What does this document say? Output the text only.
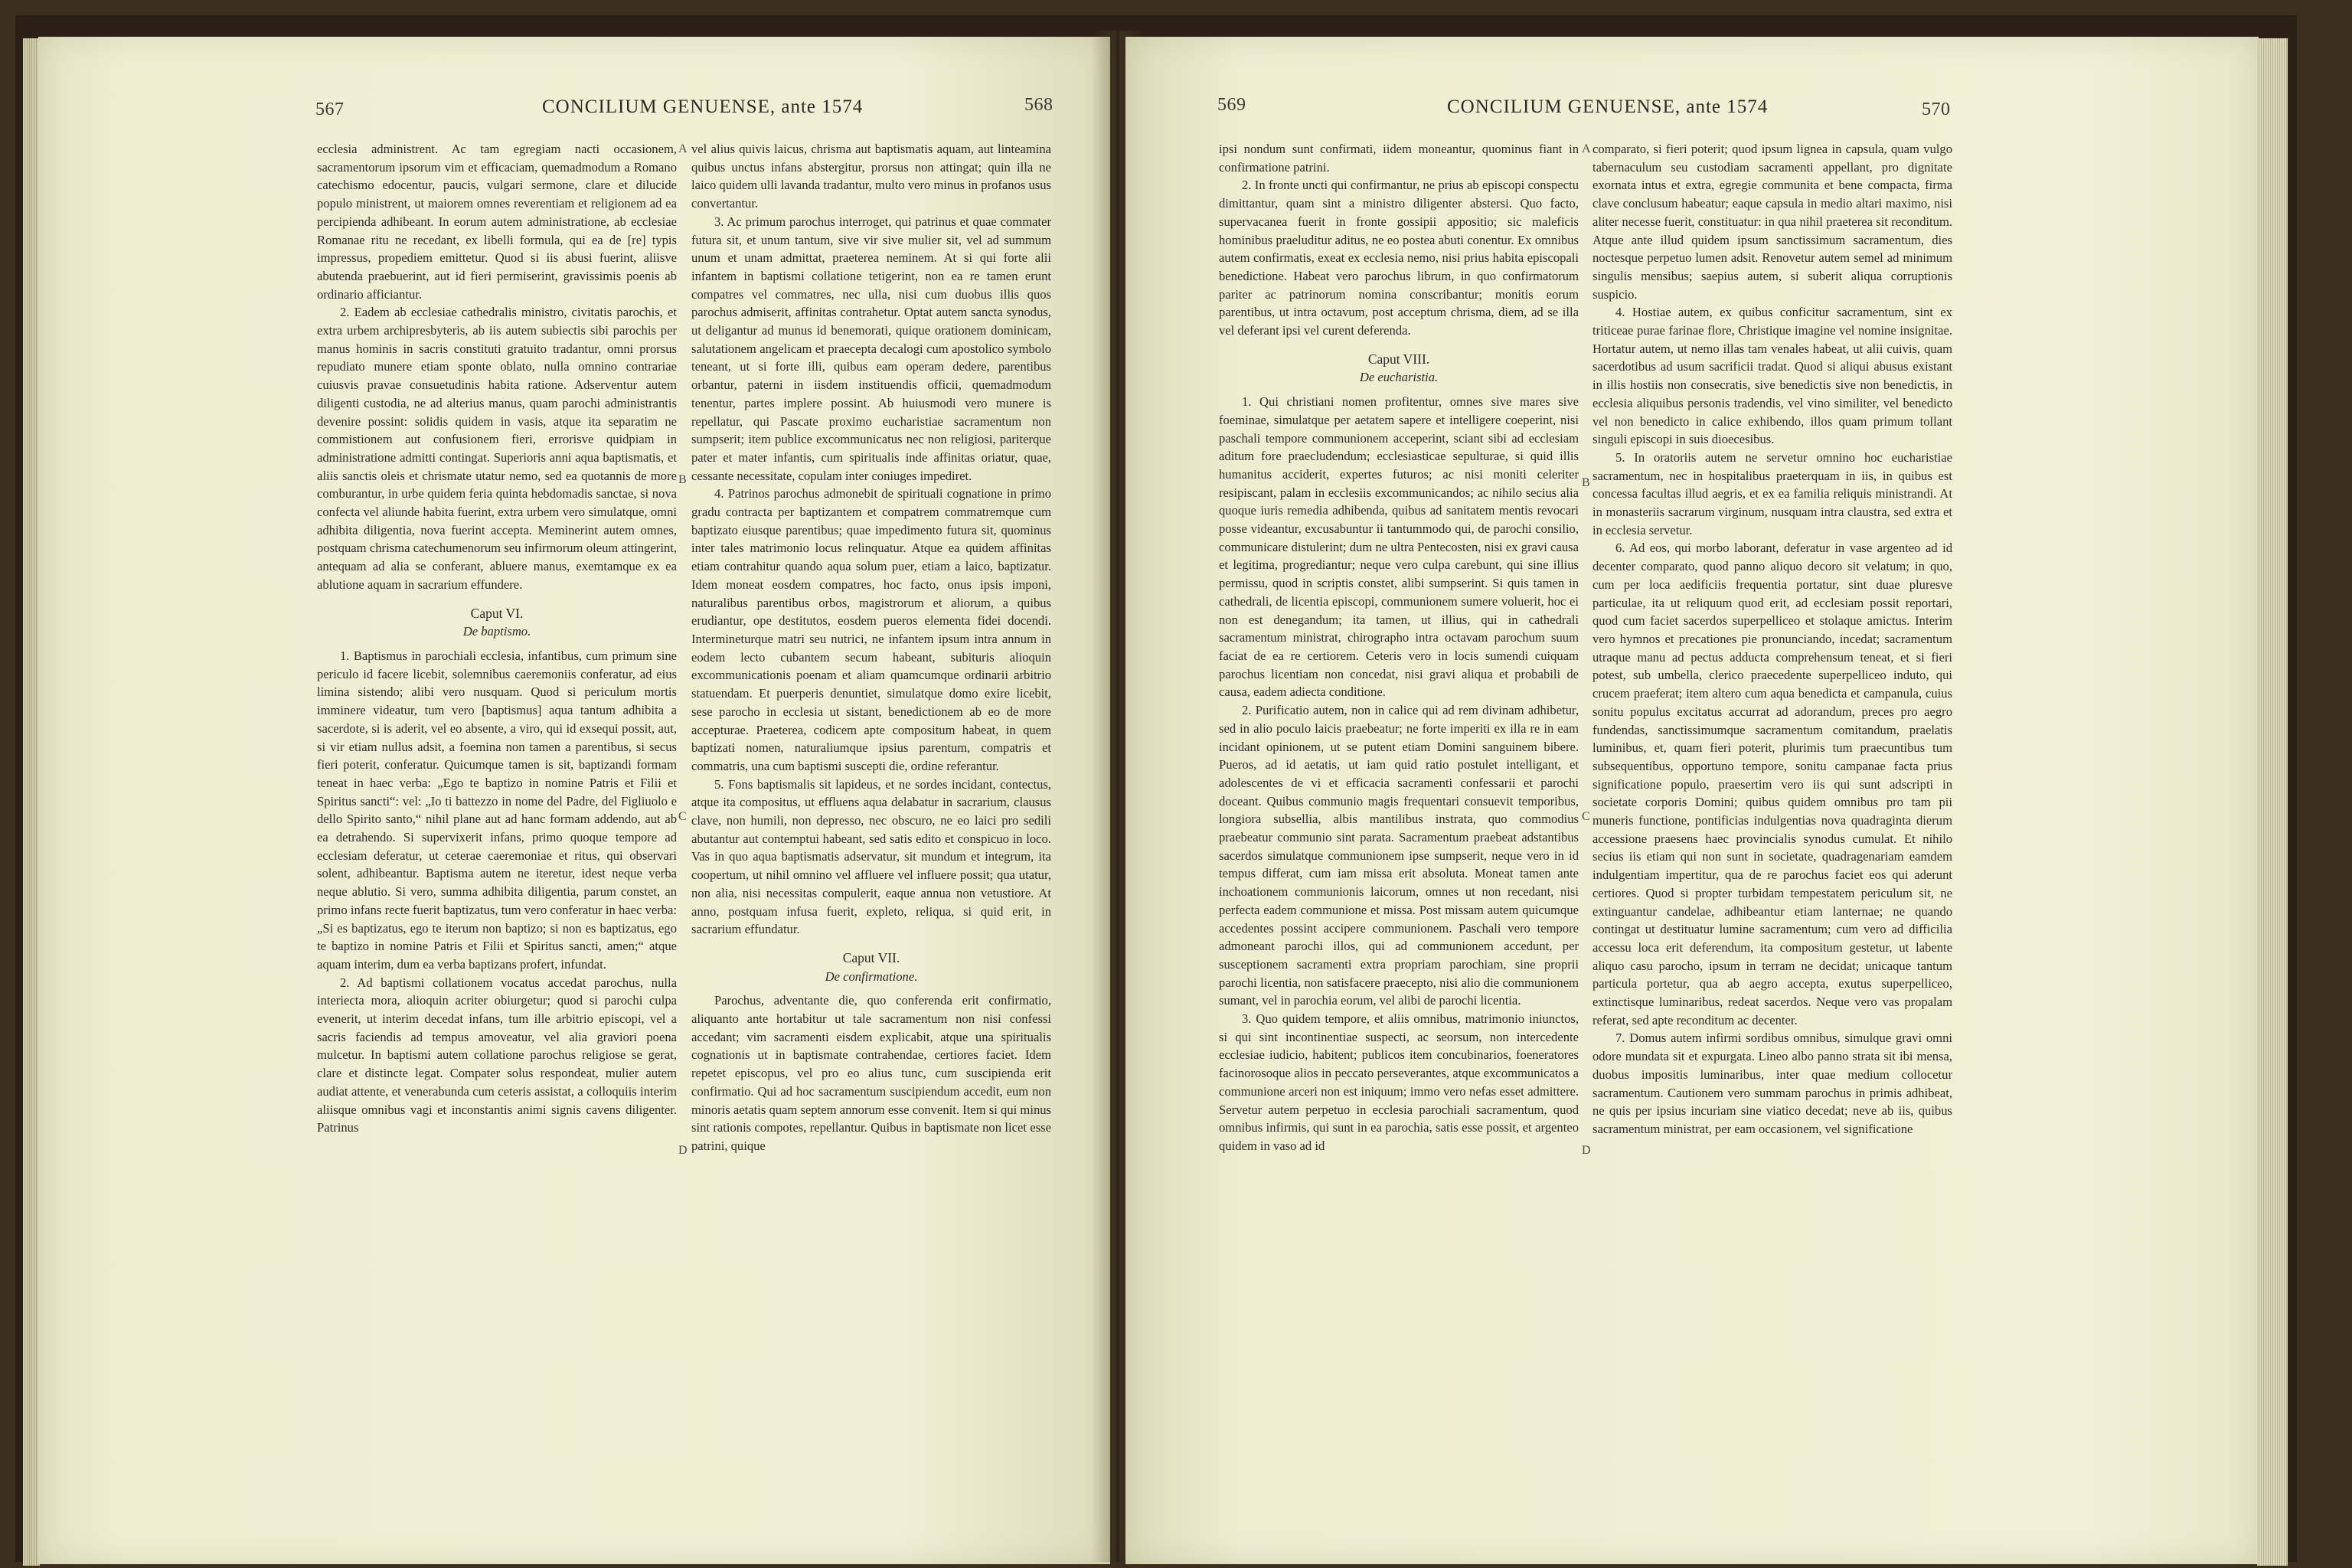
567	CONCILIUM GENUENSE, ante 1574	568

ecclesia administrent. Ac tam egregiam nacti occasionem, sacramentorum ipsorum vim et efficaciam, quemadmodum a Romano catechismo edocentur, paucis, vulgari sermone, clare et dilucide populo ministrent, ut maiorem omnes reverentiam et religionem ad ea percipienda adhibeant. In eorum autem administratione, ab ecclesiae Romanae ritu ne recedant, ex libelli formula, qui ea de [re] typis impressus, propediem emittetur. Quod si iis abusi fuerint, aliisve abutenda praebuerint, aut id fieri permiserint, gravissimis poenis ab ordinario afficiantur.

2. Eadem ab ecclesiae cathedralis ministro, civitatis parochis, et extra urbem archipresbyteris, ab iis autem subiectis sibi parochis per manus hominis in sacris constituti gratuito tradantur, omni prorsus repudiato munere etiam sponte oblato, nulla omnino contrariae cuiusvis pravae consuetudinis habita ratione. Adserventur autem diligenti custodia, ne ad alterius manus, quam parochi administrantis devenire possint: solidis quidem in vasis, atque ita separatim ne commistionem aut confusionem fieri, errorisve quidpiam in administratione admitti contingat. Superioris anni aqua baptismatis, et aliis sanctis oleis et chrismate utatur nemo, sed ea quotannis de more comburantur, in urbe quidem feria quinta hebdomadis sanctae, si nova confecta vel aliunde habita fuerint, extra urbem vero simulatque, omni adhibita diligentia, nova fuerint accepta. Meminerint autem omnes, postquam chrisma catechumenorum seu infirmorum oleum attingerint, antequam ad alia se conferant, abluere manus, exemtamque ex ea ablutione aquam in sacrarium effundere.

Caput VI.

De baptismo.

1. Baptismus in parochiali ecclesia, infantibus, cum primum sine periculo id facere licebit, solemnibus caeremoniis conferatur, ad eius limina sistendo; alibi vero nusquam. Quod si periculum mortis imminere videatur, tum vero [baptismus] aqua tantum adhibita a sacerdote, si is aderit, vel eo absente, a viro, qui id exsequi possit, aut, si vir etiam nullus adsit, a foemina non tamen a parentibus, si secus fieri poterit, conferatur. Quicumque tamen is sit, baptizandi formam teneat in haec verba: „Ego te baptizo in nomine Patris et Filii et Spiritus sancti“: vel: „Io ti battezzo in nome del Padre, del Figliuolo e dello Spirito santo,“ nihil plane aut ad hanc formam addendo, aut ab ea detrahendo. Si supervixerit infans, primo quoque tempore ad ecclesiam deferatur, ut ceterae caeremoniae et ritus, qui observari solent, adhibeantur. Baptisma autem ne iteretur, idest neque verba neque ablutio. Si vero, summa adhibita diligentia, parum constet, an primo infans recte fuerit baptizatus, tum vero conferatur in haec verba: „Si es baptizatus, ego te iterum non baptizo; si non es baptizatus, ego te baptizo in nomine Patris et Filii et Spiritus sancti, amen;“ atque aquam interim, dum ea verba baptizans profert, infundat.

2. Ad baptismi collationem vocatus accedat parochus, nulla interiecta mora, alioquin acriter obiurgetur; quod si parochi culpa evenerit, ut interim decedat infans, tum ille arbitrio episcopi, vel a sacris faciendis ad tempus amoveatur, vel alia graviori poena mulcetur. In baptismi autem collatione parochus religiose se gerat, clare et distincte legat. Compater solus respondeat, mulier autem audiat attente, et venerabunda cum ceteris assistat, a colloquiis interim aliisque omnibus vagi et inconstantis animi signis cavens diligenter. Patrinus

vel alius quivis laicus, chrisma aut baptismatis aquam, aut linteamina quibus unctus infans abstergitur, prorsus non attingat; quin illa ne laico quidem ulli lavanda tradantur, multo vero minus in profanos usus convertantur.

3. Ac primum parochus interroget, qui patrinus et quae commater futura sit, et unum tantum, sive vir sive mulier sit, vel ad summum unum et unam admittat, praeterea neminem. At si qui forte alii infantem in baptismi collatione tetigerint, non ea re tamen erunt compatres vel commatres, nec ulla, nisi cum duobus illis quos parochus admiserit, affinitas contrahetur. Optat autem sancta synodus, ut deligantur ad munus id benemorati, quique orationem dominicam, salutationem angelicam et praecepta decalogi cum apostolico symbolo teneant, ut si forte illi, quibus eam operam dedere, parentibus orbantur, paterni in iisdem instituendis officii, quemadmodum tenentur, partes implere possint. Ab huiusmodi vero munere is repellatur, qui Pascate proximo eucharistiae sacramentum non sumpserit; item publice excommunicatus nec non religiosi, pariterque pater et mater infantis, cum spiritualis inde affinitas oriatur, quae, cessante necessitate, copulam inter coniuges impediret.

4. Patrinos parochus admonebit de spirituali cognatione in primo gradu contracta per baptizantem et compatrem commatremque cum baptizato eiusque parentibus; quae impedimento futura sit, quominus inter tales matrimonio locus relinquatur. Atque ea quidem affinitas etiam contrahitur quando aqua solum puer, etiam a laico, baptizatur. Idem moneat eosdem compatres, hoc facto, onus ipsis imponi, naturalibus parentibus orbos, magistrorum et aliorum, a quibus erudiantur, ope destitutos, eosdem pueros elementa fidei docendi. Intermineturque matri seu nutrici, ne infantem ipsum intra annum in eodem lecto cubantem secum habeant, subituris alioquin excommunicationis poenam et aliam quamcumque ordinarii arbitrio statuendam. Et puerperis denuntiet, simulatque domo exire licebit, sese parocho in ecclesia ut sistant, benedictionem ab eo de more accepturae. Praeterea, codicem apte compositum habeat, in quem baptizati nomen, naturaliumque ipsius parentum, compatris et commatris, una cum baptismi suscepti die, ordine referantur.

5. Fons baptismalis sit lapideus, et ne sordes incidant, contectus, atque ita compositus, ut effluens aqua delabatur in sacrarium, clausus clave, non humili, non depresso, nec obscuro, ne eo laici pro sedili abutantur aut contemptui habeant, sed satis edito et conspicuo in loco. Vas in quo aqua baptismatis adservatur, sit mundum et integrum, ita coopertum, ut nihil omnino vel affluere vel influere possit; qua utatur, non alia, nisi necessitas compulerit, eaque annua non vetustiore. At anno, postquam infusa fuerit, expleto, reliqua, si quid erit, in sacrarium effundatur.

Caput VII.

De confirmatione.

Parochus, adventante die, quo conferenda erit confirmatio, aliquanto ante hortabitur ut tale sacramentum non nisi confessi accedant; vim sacramenti eisdem explicabit, atque una spiritualis cognationis ut in baptismate contrahendae, certiores faciet. Idem repetet episcopus, vel pro eo alius tunc, cum suscipienda erit confirmatio. Qui ad hoc sacramentum suscipiendum accedit, eum non minoris aetatis quam septem annorum esse convenit. Item si qui minus sint rationis compotes, repellantur. Quibus in baptismate non licet esse patrini, quique

A
B
C
D
569	CONCILIUM GENUENSE, ante 1574	570

ipsi nondum sunt confirmati, iidem moneantur, quominus fiant in confirmatione patrini.

2. In fronte uncti qui confirmantur, ne prius ab episcopi conspectu dimittantur, quam sint a ministro diligenter abstersi. Quo facto, supervacanea fuerit in fronte gossipii appositio; sic maleficis hominibus praeluditur aditus, ne eo postea abuti conentur. Ex omnibus autem confirmatis, exeat ex ecclesia nemo, nisi prius habita episcopali benedictione. Habeat vero parochus librum, in quo confirmatorum pariter ac patrinorum nomina conscribantur; monitis eorum parentibus, ut intra octavum, post acceptum chrisma, diem, ad se illa vel deferant ipsi vel curent deferenda.

Caput VIII.

De eucharistia.

1. Qui christiani nomen profitentur, omnes sive mares sive foeminae, simulatque per aetatem sapere et intelligere coeperint, nisi paschali tempore communionem acceperint, sciant sibi ad ecclesiam aditum fore praecludendum; ecclesiasticae sepulturae, si quid illis humanitus acciderit, expertes futuros; ac nisi moniti celeriter resipiscant, palam in ecclesiis excommunicandos; ac nihilo secius alia quoque iuris remedia adhibenda, quibus ad sanitatem mentis revocari posse videantur, excusabuntur ii tantummodo qui, de parochi consilio, communicare distulerint; dum ne ultra Pentecosten, nisi ex gravi causa et legitima, progrediantur; neque vero culpa carebunt, qui sine illius permissu, quod in scriptis constet, alibi sumpserint. Si quis tamen in cathedrali, de licentia episcopi, communionem sumere voluerit, hoc ei non est denegandum; ita tamen, ut illius, qui in cathedrali sacramentum ministrat, chirographo intra octavam parochum suum faciat de ea re certiorem. Ceteris vero in locis sumendi cuiquam parochus licentiam non concedat, nisi gravi aliqua et probabili de causa, eadem adiecta conditione.

2. Purificatio autem, non in calice qui ad rem divinam adhibetur, sed in alio poculo laicis praebeatur; ne forte imperiti ex illa re in eam incidant opinionem, ut se putent etiam Domini sanguinem bibere. Pueros, ad id aetatis, ut iam quid ratio postulet intelligant, et adolescentes de vi et efficacia sacramenti confessarii et parochi doceant. Quibus communio magis frequentari consuevit temporibus, longiora subsellia, albis mantilibus instrata, quo commodius praebeatur communio sint parata. Sacramentum praebeat adstantibus sacerdos simulatque communionem ipse sumpserit, neque vero in id tempus differat, cum iam missa erit absoluta. Moneat tamen ante inchoationem communionis laicorum, omnes ut non recedant, nisi perfecta eadem communione et missa. Post missam autem quicumque accedentes possint accipere communionem. Paschali vero tempore admoneant parochi illos, qui ad communionem accedunt, per susceptionem sacramenti extra propriam parochiam, sine proprii parochi licentia, non satisfacere praecepto, nisi alio die communionem sumant, vel in parochia eorum, vel alibi de parochi licentia.

3. Quo quidem tempore, et aliis omnibus, matrimonio iniunctos, si qui sint incontinentiae suspecti, ac seorsum, non intercedente ecclesiae iudicio, habitent; publicos item concubinarios, foeneratores facinorosoque alios in peccato perseverantes, atque excommunicatos a communione arceri non est iniquum; immo vero nefas esset admittere. Servetur autem perpetuo in ecclesia parochiali sacramentum, quod omnibus infirmis, qui sunt in ea parochia, satis esse possit, et argenteo quidem in vaso ad id

comparato, si fieri poterit; quod ipsum lignea in capsula, quam vulgo tabernaculum seu custodiam sacramenti appellant, pro dignitate exornata intus et extra, egregie communita et bene compacta, firma clave conclusum habeatur; eaque capsula in medio altari maximo, nisi aliter necesse fuerit, constituatur: in qua nihil praeterea sit reconditum. Atque ante illud quidem ipsum sanctissimum sacramentum, dies noctesque perpetuo lumen adsit. Renovetur autem semel ad minimum singulis mensibus; saepius autem, si suberit aliqua corruptionis suspicio.

4. Hostiae autem, ex quibus conficitur sacramentum, sint ex triticeae purae farinae flore, Christique imagine vel nomine insignitae. Hortatur autem, ut nemo illas tam venales habeat, ut alii cuivis, quam sacerdotibus ad usum sacrificii tradat. Quod si aliqui abusus existant in illis hostiis non consecratis, sive benedictis sive non benedictis, in ecclesia aliquibus personis tradendis, vel vino similiter, vel benedicto vel non benedicto in calice exhibendo, illos quam primum tollant singuli episcopi in suis dioecesibus.

5. In oratoriis autem ne servetur omnino hoc eucharistiae sacramentum, nec in hospitalibus praeterquam in iis, in quibus est concessa facultas illud aegris, et ex ea familia reliquis ministrandi. At in monasteriis sacrarum virginum, nusquam intra claustra, sed extra et in ecclesia servetur.

6. Ad eos, qui morbo laborant, deferatur in vase argenteo ad id decenter comparato, quod panno aliquo decoro sit velatum; in quo, cum per loca aedificiis frequentia portatur, sint duae pluresve particulae, ita ut reliquum quod erit, ad ecclesiam possit reportari, quod cum faciet sacerdos superpelliceo et stolaque amictus. Interim vero hymnos et precationes pie pronunciando, incedat; sacramentum utraque manu ad pectus adducta comprehensum teneat, et si fieri potest, sub umbella, clerico praecedente superpelliceo induto, qui crucem praeferat; item altero cum aqua benedicta et campanula, cuius sonitu populus excitatus accurrat ad adorandum, preces pro aegro fundendas, sanctissimumque sacramentum comitandum, praelatis luminibus, et, quam fieri poterit, plurimis tum praecuntibus tum subsequentibus, opportuno tempore, sonitu campanae facta prius significatione populo, praesertim vero iis qui sunt adscripti in societate corporis Domini; quibus quidem omnibus pro tam pii muneris functione, pontificias indulgentias nova quadraginta dierum accessione praesens haec provincialis synodus cumulat. Et nihilo secius iis etiam qui non sunt in societate, quadragenariam eamdem indulgentiam impertitur, qua de re parochus faciet eos qui aderunt certiores. Quod si propter turbidam tempestatem periculum sit, ne extinguantur candelae, adhibeantur etiam lanternae; ne quando contingat ut destituatur lumine sacramentum; cum vero ad difficilia accessu loca erit deferendum, ita compositum gestetur, ut labente aliquo casu parocho, ipsum in terram ne decidat; unicaque tantum particula portetur, qua ab aegro accepta, exutus superpelliceo, extinctisque luminaribus, redeat sacerdos. Neque vero vas propalam referat, sed apte reconditum ac decenter.

7. Domus autem infirmi sordibus omnibus, simulque gravi omni odore mundata sit et expurgata. Lineo albo panno strata sit ibi mensa, duobus impositis luminaribus, inter quae medium collocetur sacramentum. Cautionem vero summam parochus in primis adhibeat, ne quis per ipsius incuriam sine viatico decedat; neve ab iis, quibus sacramentum ministrat, per eam occasionem, vel significatione

A
B
C
D
